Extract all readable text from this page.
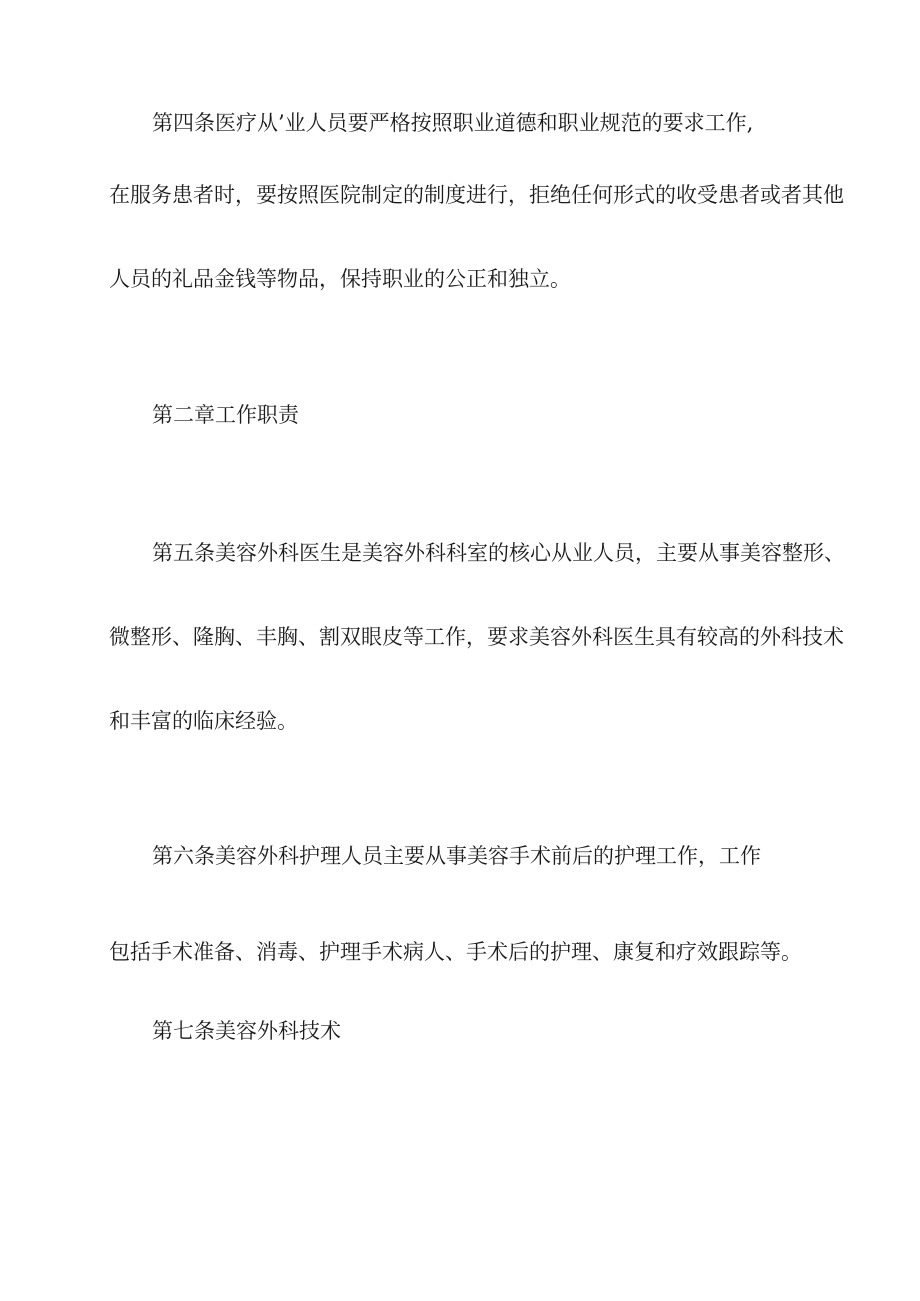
第四条医疗从’业人员要严格按照职业道德和职业规范的要求工作,
在服务患者时，要按照医院制定的制度进行，拒绝任何形式的收受患者或者其他
人员的礼品金钱等物品，保持职业的公正和独立。
第二章工作职责
第五条美容外科医生是美容外科科室的核心从业人员，主要从事美容整形、
微整形、隆胸、丰胸、割双眼皮等工作，要求美容外科医生具有较高的外科技术
和丰富的临床经验。
第六条美容外科护理人员主要从事美容手术前后的护理工作，工作
包括手术准备、消毒、护理手术病人、手术后的护理、康复和疗效跟踪等。
第七条美容外科技术
